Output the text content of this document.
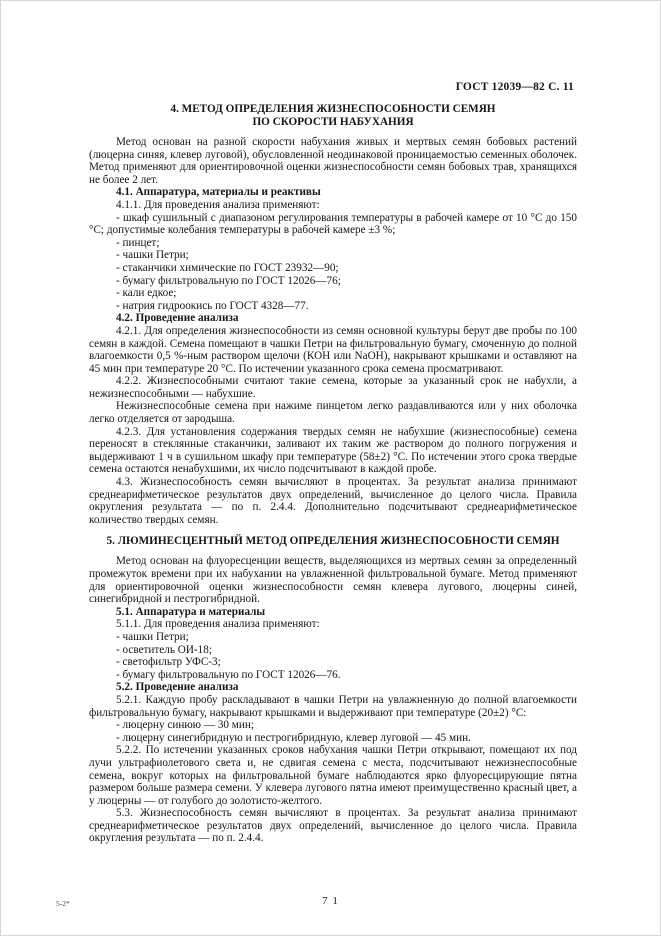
ГОСТ 12039—82 С. 11
4. МЕТОД ОПРЕДЕЛЕНИЯ ЖИЗНЕСПОСОБНОСТИ СЕМЯН
ПО СКОРОСТИ НАБУХАНИЯ

Метод основан на разной скорости набухания живых и мертвых семян бобовых растений (люцерна синяя, клевер луговой), обусловленной неодинаковой проницаемостью семенных оболочек. Метод применяют для ориентировочной оценки жизнеспособности семян бобовых трав, хранящихся не более 2 лет.

4.1. Аппаратура, материалы и реактивы

4.1.1. Для проведения анализа применяют:

- шкаф сушильный с диапазоном регулирования температуры в рабочей камере от 10 °С до 150 °С; допустимые колебания температуры в рабочей камере ±3 %;

- пинцет;

- чашки Петри;

- стаканчики химические по ГОСТ 23932—90;

- бумагу фильтровальную по ГОСТ 12026—76;

- кали едкое;

- натрия гидроокись по ГОСТ 4328—77.

4.2. Проведение анализа

4.2.1. Для определения жизнеспособности из семян основной культуры берут две пробы по 100 семян в каждой. Семена помещают в чашки Петри на фильтровальную бумагу, смоченную до полной влагоемкости 0,5 %-ным раствором щелочи (КОН или NaOH), накрывают крышками и оставляют на 45 мин при температуре 20 °С. По истечении указанного срока семена просматривают.

4.2.2. Жизнеспособными считают такие семена, которые за указанный срок не набухли, а нежизнеспособными — набухшие.

Нежизнеспособные семена при нажиме пинцетом легко раздавливаются или у них оболочка легко отделяется от зародыша.

4.2.3. Для установления содержания твердых семян не набухшие (жизнеспособные) семена переносят в стеклянные стаканчики, заливают их таким же раствором до полного погружения и выдерживают 1 ч в сушильном шкафу при температуре (58±2) °С. По истечении этого срока твердые семена остаются ненабухшими, их число подсчитывают в каждой пробе.

4.3. Жизнеспособность семян вычисляют в процентах. За результат анализа принимают среднеарифметическое результатов двух определений, вычисленное до целого числа. Правила округления результата — по п. 2.4.4. Дополнительно подсчитывают среднеарифметическое количество твердых семян.

5. ЛЮМИНЕСЦЕНТНЫЙ МЕТОД ОПРЕДЕЛЕНИЯ ЖИЗНЕСПОСОБНОСТИ СЕМЯН

Метод основан на флуоресценции веществ, выделяющихся из мертвых семян за определенный промежуток времени при их набухании на увлажненной фильтровальной бумаге. Метод применяют для ориентировочной оценки жизнеспособности семян клевера лугового, люцерны синей, синегибридной и пестрогибридной.

5.1. Аппаратура и материалы

5.1.1. Для проведения анализа применяют:

- чашки Петри;

- осветитель ОИ-18;

- светофильтр УФС-3;

- бумагу фильтровальную по ГОСТ 12026—76.

5.2. Проведение анализа

5.2.1. Каждую пробу раскладывают в чашки Петри на увлажненную до полной влагоемкости фильтровальную бумагу, накрывают крышками и выдерживают при температуре (20±2) °С:

- люцерну синюю — 30 мин;

- люцерну синегибридную и пестрогибридную, клевер луговой — 45 мин.

5.2.2. По истечении указанных сроков набухания чашки Петри открывают, помещают их под лучи ультрафиолетового света и, не сдвигая семена с места, подсчитывают нежизнеспособные семена, вокруг которых на фильтровальной бумаге наблюдаются ярко флуоресцирующие пятна размером больше размера семени. У клевера лугового пятна имеют преимущественно красный цвет, а у люцерны — от голубого до золотисто-желтого.

5.3. Жизнеспособность семян вычисляют в процентах. За результат анализа принимают среднеарифметическое результатов двух определений, вычисленное до целого числа. Правила округления результата — по п. 2.4.4.

5-2*	7 1
